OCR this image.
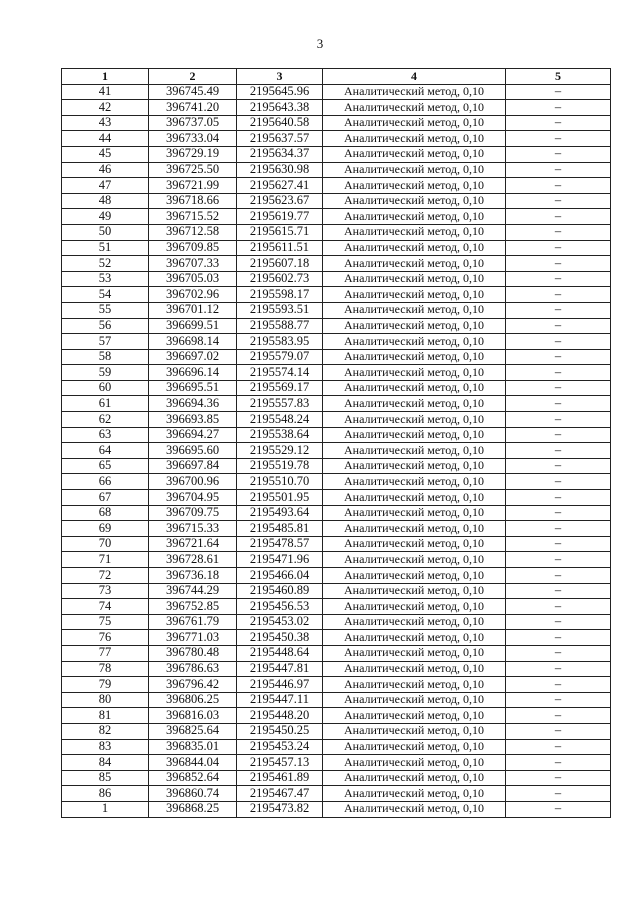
3
1	2	3	4	5
41	396745.49	2195645.96	Аналитический метод, 0,10	–
42	396741.20	2195643.38	Аналитический метод, 0,10	–
43	396737.05	2195640.58	Аналитический метод, 0,10	–
44	396733.04	2195637.57	Аналитический метод, 0,10	–
45	396729.19	2195634.37	Аналитический метод, 0,10	–
46	396725.50	2195630.98	Аналитический метод, 0,10	–
47	396721.99	2195627.41	Аналитический метод, 0,10	–
48	396718.66	2195623.67	Аналитический метод, 0,10	–
49	396715.52	2195619.77	Аналитический метод, 0,10	–
50	396712.58	2195615.71	Аналитический метод, 0,10	–
51	396709.85	2195611.51	Аналитический метод, 0,10	–
52	396707.33	2195607.18	Аналитический метод, 0,10	–
53	396705.03	2195602.73	Аналитический метод, 0,10	–
54	396702.96	2195598.17	Аналитический метод, 0,10	–
55	396701.12	2195593.51	Аналитический метод, 0,10	–
56	396699.51	2195588.77	Аналитический метод, 0,10	–
57	396698.14	2195583.95	Аналитический метод, 0,10	–
58	396697.02	2195579.07	Аналитический метод, 0,10	–
59	396696.14	2195574.14	Аналитический метод, 0,10	–
60	396695.51	2195569.17	Аналитический метод, 0,10	–
61	396694.36	2195557.83	Аналитический метод, 0,10	–
62	396693.85	2195548.24	Аналитический метод, 0,10	–
63	396694.27	2195538.64	Аналитический метод, 0,10	–
64	396695.60	2195529.12	Аналитический метод, 0,10	–
65	396697.84	2195519.78	Аналитический метод, 0,10	–
66	396700.96	2195510.70	Аналитический метод, 0,10	–
67	396704.95	2195501.95	Аналитический метод, 0,10	–
68	396709.75	2195493.64	Аналитический метод, 0,10	–
69	396715.33	2195485.81	Аналитический метод, 0,10	–
70	396721.64	2195478.57	Аналитический метод, 0,10	–
71	396728.61	2195471.96	Аналитический метод, 0,10	–
72	396736.18	2195466.04	Аналитический метод, 0,10	–
73	396744.29	2195460.89	Аналитический метод, 0,10	–
74	396752.85	2195456.53	Аналитический метод, 0,10	–
75	396761.79	2195453.02	Аналитический метод, 0,10	–
76	396771.03	2195450.38	Аналитический метод, 0,10	–
77	396780.48	2195448.64	Аналитический метод, 0,10	–
78	396786.63	2195447.81	Аналитический метод, 0,10	–
79	396796.42	2195446.97	Аналитический метод, 0,10	–
80	396806.25	2195447.11	Аналитический метод, 0,10	–
81	396816.03	2195448.20	Аналитический метод, 0,10	–
82	396825.64	2195450.25	Аналитический метод, 0,10	–
83	396835.01	2195453.24	Аналитический метод, 0,10	–
84	396844.04	2195457.13	Аналитический метод, 0,10	–
85	396852.64	2195461.89	Аналитический метод, 0,10	–
86	396860.74	2195467.47	Аналитический метод, 0,10	–
1	396868.25	2195473.82	Аналитический метод, 0,10	–
